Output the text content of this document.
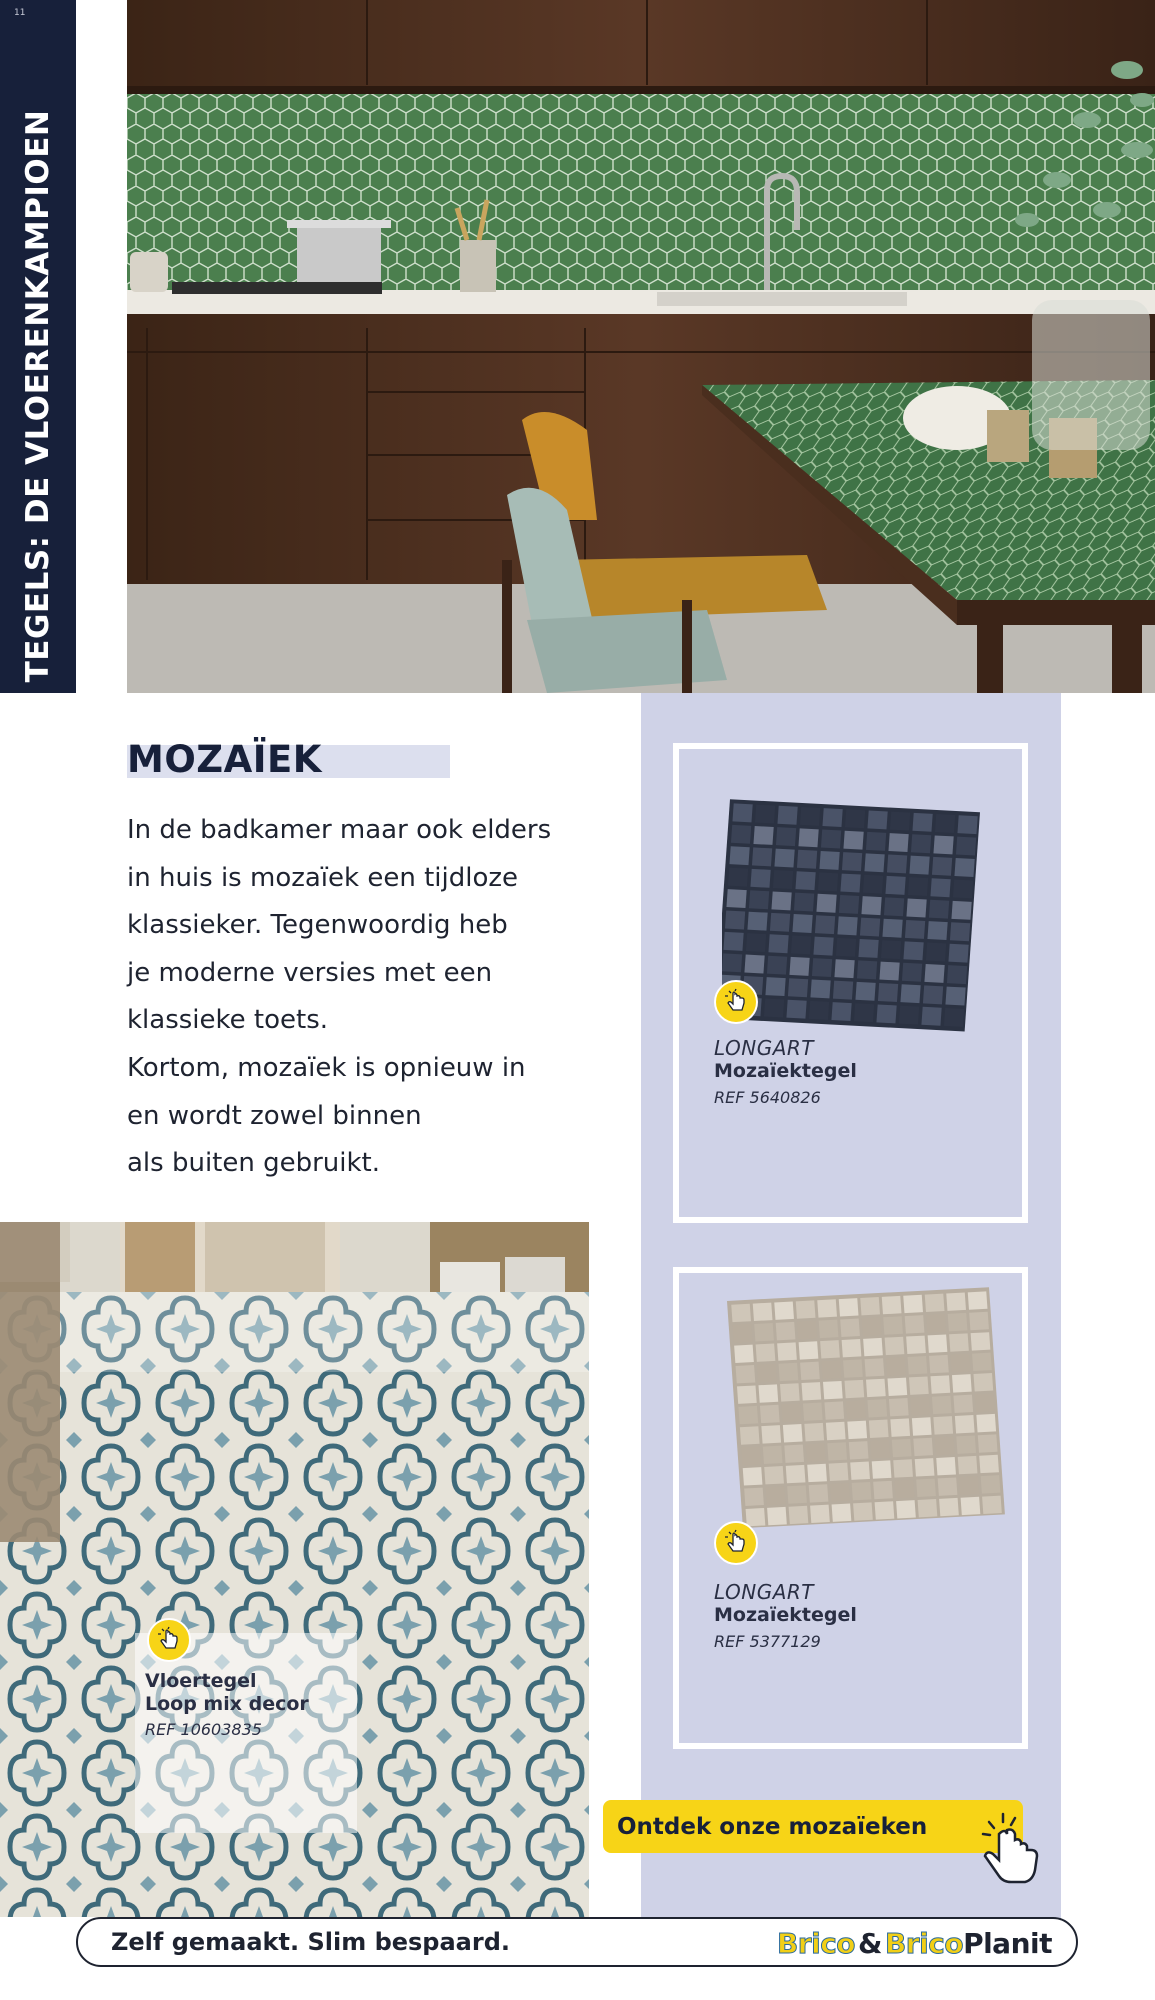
11
TEGELS: DE VLOERENKAMPIOEN
MOZAÏEK

In de badkamer maar ook elders

in huis is mozaïek een tijdloze

klassieker. Tegenwoordig heb

je moderne versies met een

klassieke toets.

Kortom, mozaïek is opnieuw in

en wordt zowel binnen

als buiten gebruikt.

LONGART
Mozaïektegel
REF 5640826
LONGART
Mozaïektegel
REF 5377129
Vloertegel
Loop mix decor
REF 10603835
Ontdek onze mozaïeken
Zelf gemaakt. Slim bespaard.	Brico & Brico Planit
